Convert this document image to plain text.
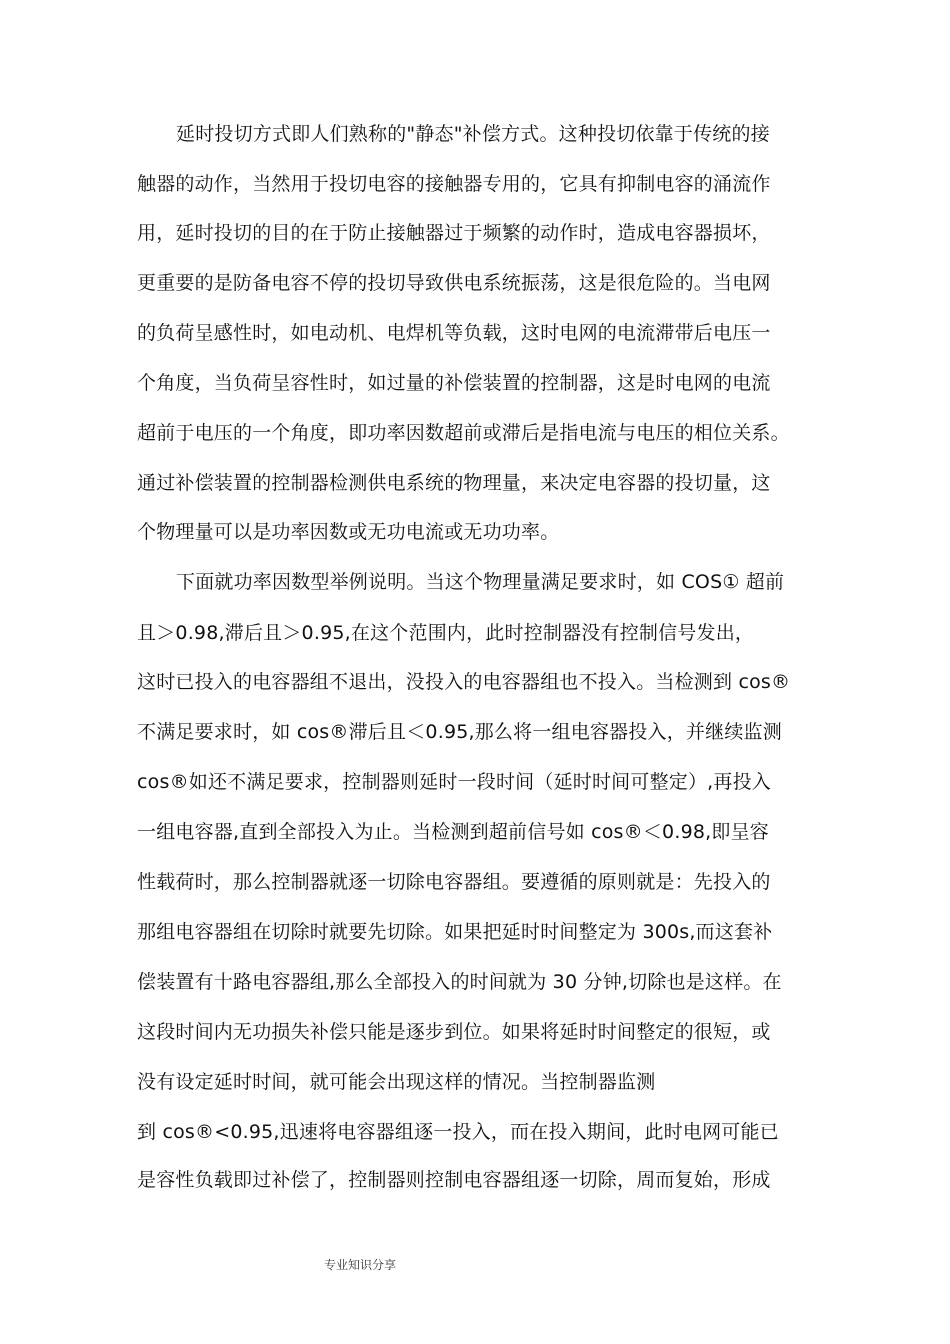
延时投切方式即人们熟称的"静态"补偿方式。这种投切依靠于传统的接
触器的动作，当然用于投切电容的接触器专用的，它具有抑制电容的涌流作
用，延时投切的目的在于防止接触器过于频繁的动作时，造成电容器损坏，
更重要的是防备电容不停的投切导致供电系统振荡，这是很危险的。当电网
的负荷呈感性时，如电动机、电焊机等负载，这时电网的电流滞带后电压一
个角度，当负荷呈容性时，如过量的补偿装置的控制器，这是时电网的电流
超前于电压的一个角度，即功率因数超前或滞后是指电流与电压的相位关系。
通过补偿装置的控制器检测供电系统的物理量，来决定电容器的投切量，这
个物理量可以是功率因数或无功电流或无功功率。
下面就功率因数型举例说明。当这个物理量满足要求时，如 COS① 超前
且＞0.98,滞后且＞0.95,在这个范围内，此时控制器没有控制信号发出，
这时已投入的电容器组不退出，没投入的电容器组也不投入。当检测到 cos®
不满足要求时，如 cos®滞后且＜0.95,那么将一组电容器投入，并继续监测
cos®如还不满足要求，控制器则延时一段时间（延时时间可整定）,再投入
一组电容器,直到全部投入为止。当检测到超前信号如 cos®＜0.98,即呈容
性载荷时，那么控制器就逐一切除电容器组。要遵循的原则就是：先投入的
那组电容器组在切除时就要先切除。如果把延时时间整定为 300s,而这套补
偿装置有十路电容器组,那么全部投入的时间就为 30 分钟,切除也是这样。在
这段时间内无功损失补偿只能是逐步到位。如果将延时时间整定的很短，或
没有设定延时时间，就可能会出现这样的情况。当控制器监测
到 cos®<0.95,迅速将电容器组逐一投入，而在投入期间，此时电网可能已
是容性负载即过补偿了，控制器则控制电容器组逐一切除，周而复始，形成
专业知识分享
